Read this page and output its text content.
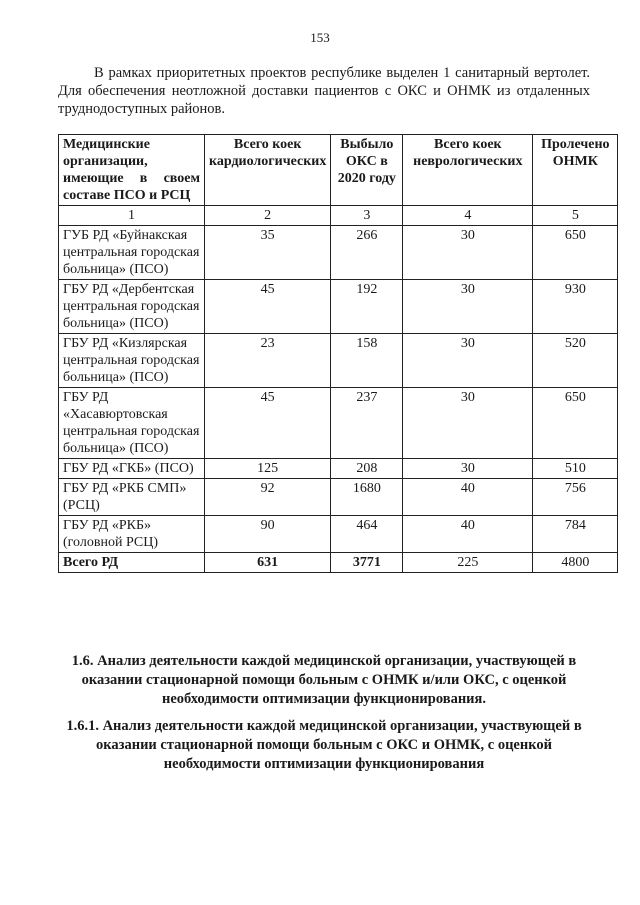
153

В рамках приоритетных проектов республике выделен 1 санитарный вертолет. Для обеспечения неотложной доставки пациентов с ОКС и ОНМК из отдаленных труднодоступных районов.

Медицинские организации, имеющие в своем составе ПСО и РСЦ	Всего коек кардиологических	Выбыло ОКС в 2020 году	Всего коек неврологических	Пролечено ОНМК
1	2	3	4	5
ГУБ РД «Буйнакская центральная городская больница» (ПСО)	35	266	30	650
ГБУ РД «Дербентская центральная городская больница» (ПСО)	45	192	30	930
ГБУ РД «Кизлярская центральная городская больница» (ПСО)	23	158	30	520
ГБУ РД «Хасавюртовская центральная городская больница» (ПСО)	45	237	30	650
ГБУ РД «ГКБ» (ПСО)	125	208	30	510
ГБУ РД «РКБ СМП» (РСЦ)	92	1680	40	756
ГБУ РД «РКБ» (головной РСЦ)	90	464	40	784
Всего РД	631	3771	225	4800

1.6. Анализ деятельности каждой медицинской организации, участвующей в оказании стационарной помощи больным с ОНМК и/или ОКС, с оценкой необходимости оптимизации функционирования.

1.6.1. Анализ деятельности каждой медицинской организации, участвующей в оказании стационарной помощи больным с ОКС и ОНМК, с оценкой необходимости оптимизации функционирования
